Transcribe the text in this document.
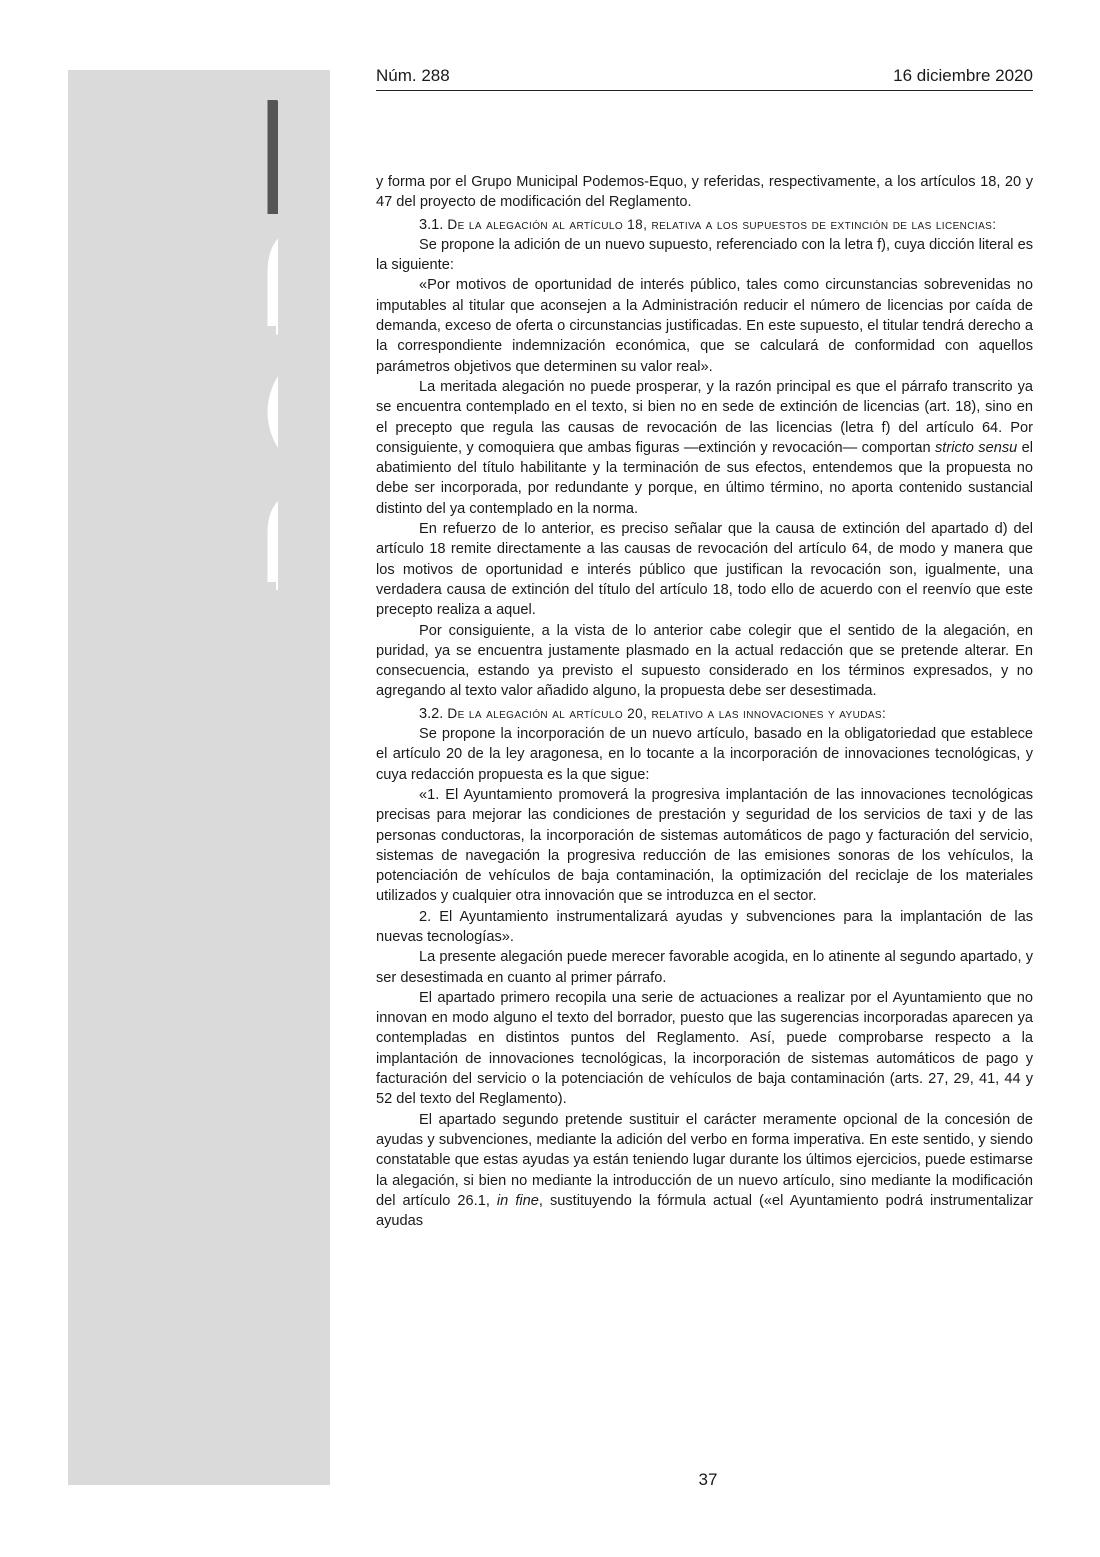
Núm. 288	16 diciembre 2020

y forma por el Grupo Municipal Podemos-Equo, y referidas, respectivamente, a los artículos 18, 20 y 47 del proyecto de modificación del Reglamento.

3.1. De la alegación al artículo 18, relativa a los supuestos de extinción de las licencias:

Se propone la adición de un nuevo supuesto, referenciado con la letra f), cuya dicción literal es la siguiente:

«Por motivos de oportunidad de interés público, tales como circunstancias sobrevenidas no imputables al titular que aconsejen a la Administración reducir el número de licencias por caída de demanda, exceso de oferta o circunstancias justificadas. En este supuesto, el titular tendrá derecho a la correspondiente indemnización económica, que se calculará de conformidad con aquellos parámetros objetivos que determinen su valor real».

La meritada alegación no puede prosperar, y la razón principal es que el párrafo transcrito ya se encuentra contemplado en el texto, si bien no en sede de extinción de licencias (art. 18), sino en el precepto que regula las causas de revocación de las licencias (letra f) del artículo 64. Por consiguiente, y comoquiera que ambas figuras —extinción y revocación— comportan stricto sensu el abatimiento del título habilitante y la terminación de sus efectos, entendemos que la propuesta no debe ser incorporada, por redundante y porque, en último término, no aporta contenido sustancial distinto del ya contemplado en la norma.

En refuerzo de lo anterior, es preciso señalar que la causa de extinción del apartado d) del artículo 18 remite directamente a las causas de revocación del artículo 64, de modo y manera que los motivos de oportunidad e interés público que justifican la revocación son, igualmente, una verdadera causa de extinción del título del artículo 18, todo ello de acuerdo con el reenvío que este precepto realiza a aquel.

Por consiguiente, a la vista de lo anterior cabe colegir que el sentido de la alegación, en puridad, ya se encuentra justamente plasmado en la actual redacción que se pretende alterar. En consecuencia, estando ya previsto el supuesto considerado en los términos expresados, y no agregando al texto valor añadido alguno, la propuesta debe ser desestimada.

3.2. De la alegación al artículo 20, relativo a las innovaciones y ayudas:

Se propone la incorporación de un nuevo artículo, basado en la obligatoriedad que establece el artículo 20 de la ley aragonesa, en lo tocante a la incorporación de innovaciones tecnológicas, y cuya redacción propuesta es la que sigue:

«1. El Ayuntamiento promoverá la progresiva implantación de las innovaciones tecnológicas precisas para mejorar las condiciones de prestación y seguridad de los servicios de taxi y de las personas conductoras, la incorporación de sistemas automáticos de pago y facturación del servicio, sistemas de navegación la progresiva reducción de las emisiones sonoras de los vehículos, la potenciación de vehículos de baja contaminación, la optimización del reciclaje de los materiales utilizados y cualquier otra innovación que se introduzca en el sector.

2. El Ayuntamiento instrumentalizará ayudas y subvenciones para la implantación de las nuevas tecnologías».

La presente alegación puede merecer favorable acogida, en lo atinente al segundo apartado, y ser desestimada en cuanto al primer párrafo.

El apartado primero recopila una serie de actuaciones a realizar por el Ayuntamiento que no innovan en modo alguno el texto del borrador, puesto que las sugerencias incorporadas aparecen ya contempladas en distintos puntos del Reglamento. Así, puede comprobarse respecto a la implantación de innovaciones tecnológicas, la incorporación de sistemas automáticos de pago y facturación del servicio o la potenciación de vehículos de baja contaminación (arts. 27, 29, 41, 44 y 52 del texto del Reglamento).

El apartado segundo pretende sustituir el carácter meramente opcional de la concesión de ayudas y subvenciones, mediante la adición del verbo en forma imperativa. En este sentido, y siendo constatable que estas ayudas ya están teniendo lugar durante los últimos ejercicios, puede estimarse la alegación, si bien no mediante la introducción de un nuevo artículo, sino mediante la modificación del artículo 26.1, in fine, sustituyendo la fórmula actual («el Ayuntamiento podrá instrumentalizar ayudas

37
